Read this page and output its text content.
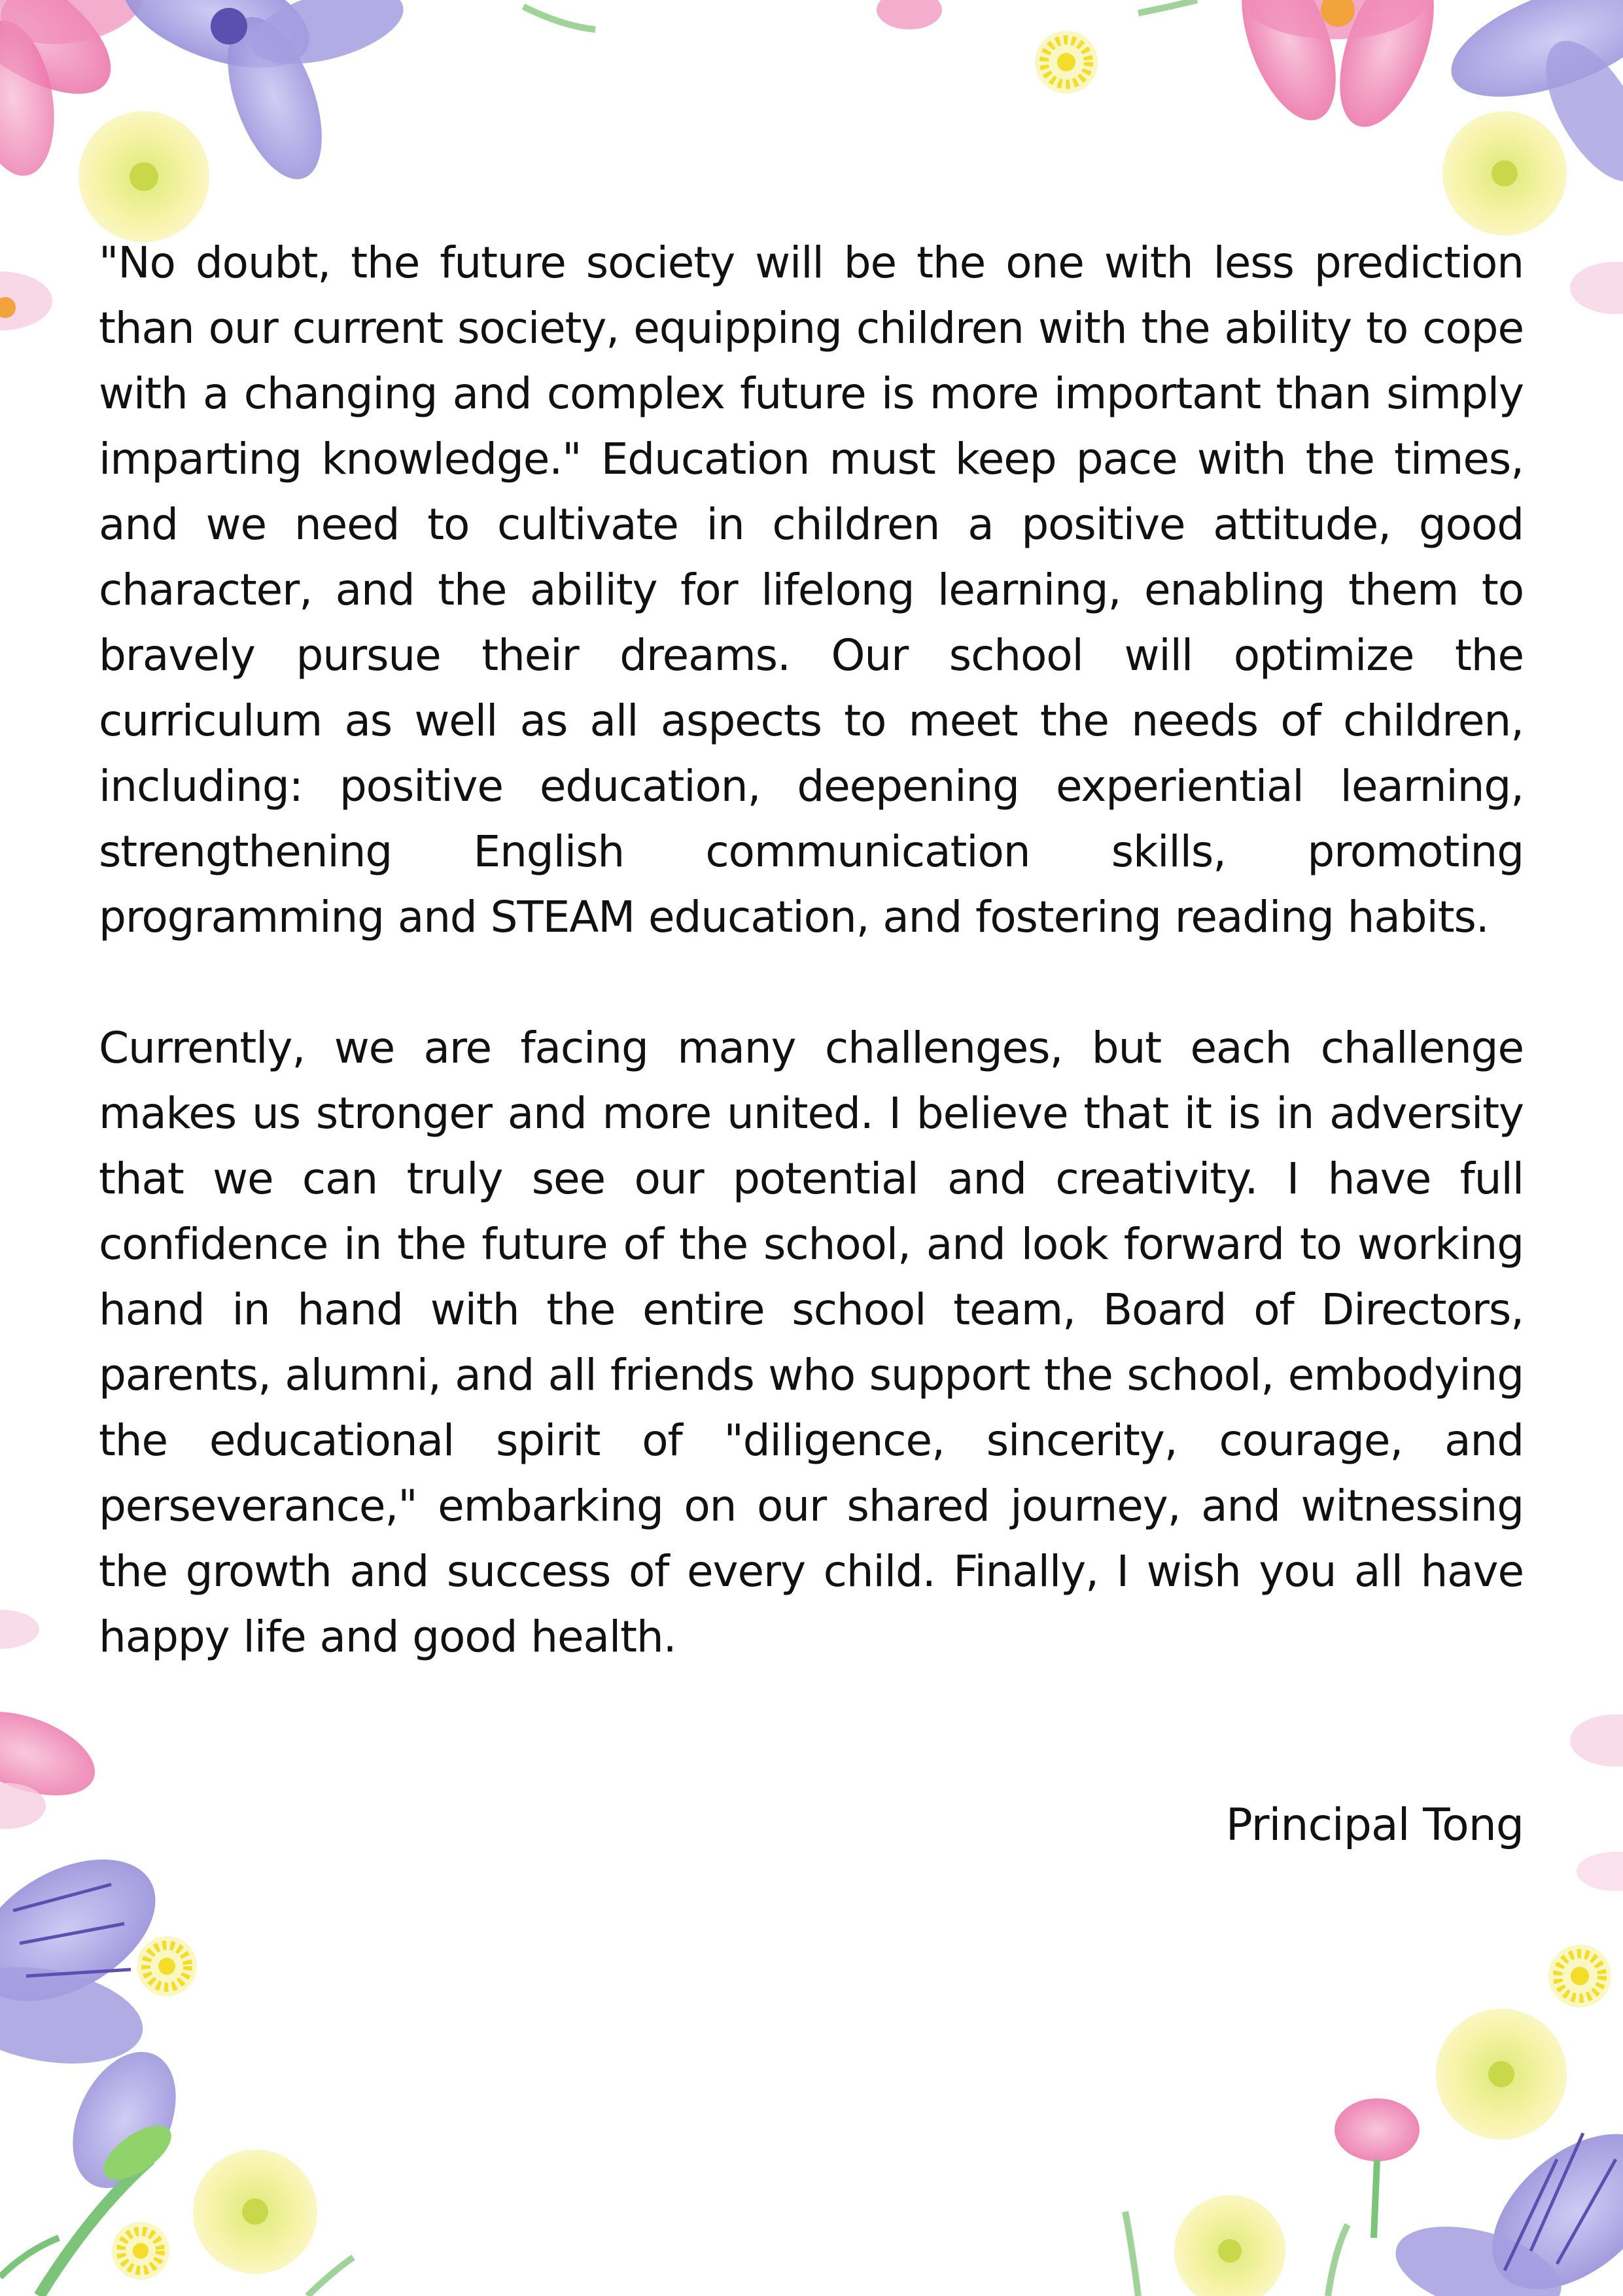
"No doubt, the future society will be the one with less prediction than our current society, equipping children with the ability to cope with a changing and complex future is more important than simply imparting knowledge." Education must keep pace with the times, and we need to cultivate in children a positive attitude, good character, and the ability for lifelong learning, enabling them to bravely pursue their dreams. Our school will optimize the curriculum as well as all aspects to meet the needs of children, including: positive education, deepening experiential learning, strengthening English communication skills, promoting programming and STEAM education, and fostering reading habits.

Currently, we are facing many challenges, but each challenge makes us stronger and more united. I believe that it is in adversity that we can truly see our potential and creativity. I have full confidence in the future of the school, and look forward to working hand in hand with the entire school team, Board of Directors, parents, alumni, and all friends who support the school, embodying the educational spirit of "diligence, sincerity, courage, and perseverance," embarking on our shared journey, and witnessing the growth and success of every child. Finally, I wish you all have happy life and good health.

Principal Tong
